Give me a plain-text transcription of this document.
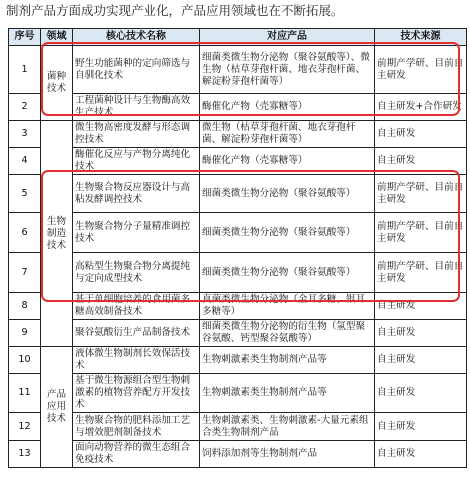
制剂产品方面成功实现产业化，产品应用领域也在不断拓展。
序号	领域	核心技术名称	对应产品	技术来源
1	菌种技术	野生功能菌种的定向筛选与自驯化技术	细菌类微生物分泌物（聚谷氨酸等）、微生物（枯草芽孢杆菌、地衣芽孢杆菌、解淀粉芽孢杆菌等）	前期产学研、目前自主研发
2		工程菌种设计与生物酶高效生产技术	酶催化产物（壳寡糖等）	自主研发+合作研发
3	生物制造技术	微生物高密度发酵与形态调控技术	微生物（枯草芽孢杆菌、地衣芽孢杆菌、解淀粉芽孢杆菌等）	自主研发
4		酶催化反应与产物分离纯化技术	酶催化产物（壳寡糖等）	自主研发
5		生物聚合物反应器设计与高粘发酵调控技术	细菌类微生物分泌物（聚谷氨酸等）	前期产学研、目前自主研发
6		生物聚合物分子量精准调控技术	细菌类微生物分泌物（聚谷氨酸等）	前期产学研、目前自主研发
7		高粘型生物聚合物分离提纯与定向成型技术	细菌类微生物分泌物（聚谷氨酸等）	前期产学研、目前自主研发
8		基于单细胞培养的食用菌多糖高效制备技术	真菌类微生物分泌物（金耳多糖、银耳多糖等）	自主研发
9		聚谷氨酸衍生产品制备技术	细菌类微生物分泌物的衍生物（氢型聚谷氨酸、钙型聚谷氨酸等）	自主研发
10	产品应用技术	液体微生物制剂长效保活技术	生物刺激素类生物制剂产品等	自主研发
11		基于微生物源组合型生物刺激素的植物营养配方开发技术	生物刺激素类生物制剂产品等	自主研发
12		生物聚合物的肥料添加工艺与增效肥剂制备技术	生物刺激素类、生物刺激素-大量元素组合类生物制剂产品	自主研发
13		面向动物营养的微生态组合免疫技术	饲料添加剂等生物制剂产品	自主研发
